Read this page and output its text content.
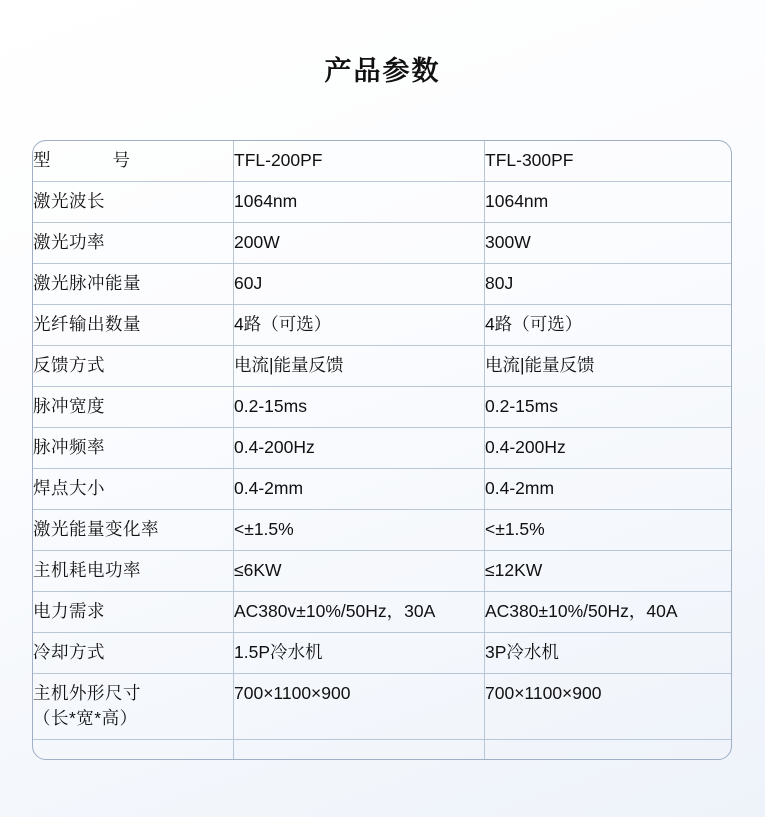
产品参数
型　　号	TFL-200PF	TFL-300PF
激光波长	1064nm	1064nm
激光功率	200W	300W
激光脉冲能量	60J	80J
光纤输出数量	4路（可选）	4路（可选）
反馈方式	电流|能量反馈	电流|能量反馈
脉冲宽度	0.2-15ms	0.2-15ms
脉冲频率	0.4-200Hz	0.4-200Hz
焊点大小	0.4-2mm	0.4-2mm
激光能量变化率	<±1.5%	<±1.5%
主机耗电功率	≤6KW	≤12KW
电力需求	AC380v±10%/50Hz，30A	AC380±10%/50Hz，40A
冷却方式	1.5P冷水机	3P冷水机

主机外形尺寸
（长*宽*高）	700×1100×900	700×1100×900
